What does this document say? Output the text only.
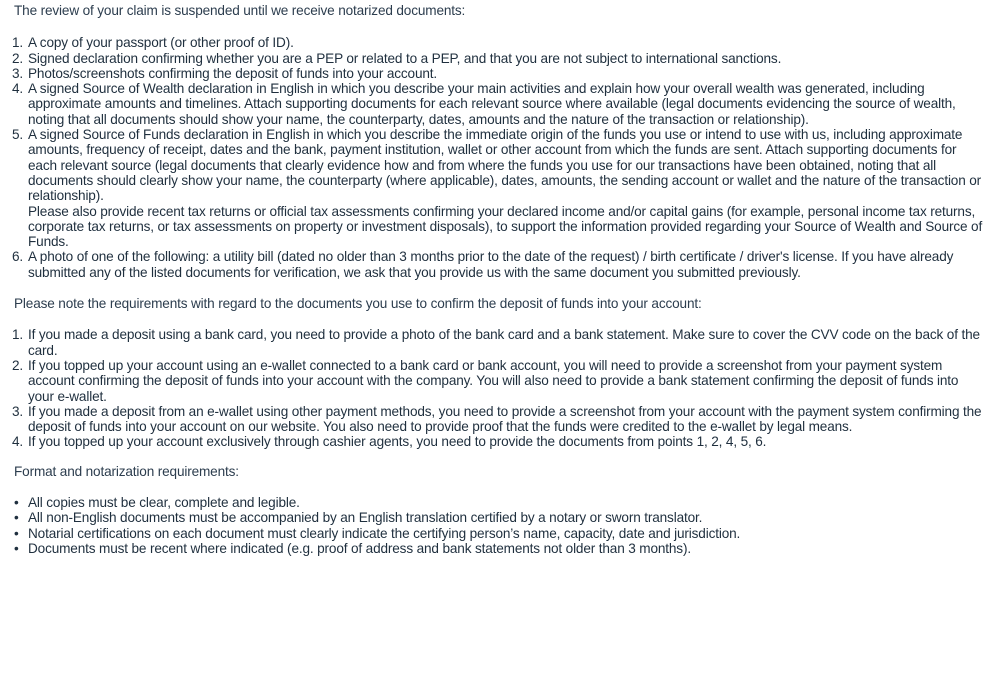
The review of your claim is suspended until we receive notarized documents:

1. A copy of your passport (or other proof of ID).
2. Signed declaration confirming whether you are a PEP or related to a PEP, and that you are not subject to international sanctions.
3. Photos/screenshots confirming the deposit of funds into your account.
4. A signed Source of Wealth declaration in English in which you describe your main activities and explain how your overall wealth was generated, including approximate amounts and timelines. Attach supporting documents for each relevant source where available (legal documents evidencing the source of wealth, noting that all documents should show your name, the counterparty, dates, amounts and the nature of the transaction or relationship).
5. A signed Source of Funds declaration in English in which you describe the immediate origin of the funds you use or intend to use with us, including approximate amounts, frequency of receipt, dates and the bank, payment institution, wallet or other account from which the funds are sent. Attach supporting documents for each relevant source (legal documents that clearly evidence how and from where the funds you use for our transactions have been obtained, noting that all documents should clearly show your name, the counterparty (where applicable), dates, amounts, the sending account or wallet and the nature of the transaction or relationship).
Please also provide recent tax returns or official tax assessments confirming your declared income and/or capital gains (for example, personal income tax returns, corporate tax returns, or tax assessments on property or investment disposals), to support the information provided regarding your Source of Wealth and Source of Funds.
6. A photo of one of the following: a utility bill (dated no older than 3 months prior to the date of the request) / birth certificate / driver's license. If you have already submitted any of the listed documents for verification, we ask that you provide us with the same document you submitted previously.

Please note the requirements with regard to the documents you use to confirm the deposit of funds into your account:

1. If you made a deposit using a bank card, you need to provide a photo of the bank card and a bank statement. Make sure to cover the CVV code on the back of the card.
2. If you topped up your account using an e-wallet connected to a bank card or bank account, you will need to provide a screenshot from your payment system account confirming the deposit of funds into your account with the company. You will also need to provide a bank statement confirming the deposit of funds into your e-wallet.
3. If you made a deposit from an e-wallet using other payment methods, you need to provide a screenshot from your account with the payment system confirming the deposit of funds into your account on our website. You also need to provide proof that the funds were credited to the e-wallet by legal means.
4. If you topped up your account exclusively through cashier agents, you need to provide the documents from points 1, 2, 4, 5, 6.

Format and notarization requirements:

• All copies must be clear, complete and legible.
• All non-English documents must be accompanied by an English translation certified by a notary or sworn translator.
• Notarial certifications on each document must clearly indicate the certifying person’s name, capacity, date and jurisdiction.
• Documents must be recent where indicated (e.g. proof of address and bank statements not older than 3 months).
